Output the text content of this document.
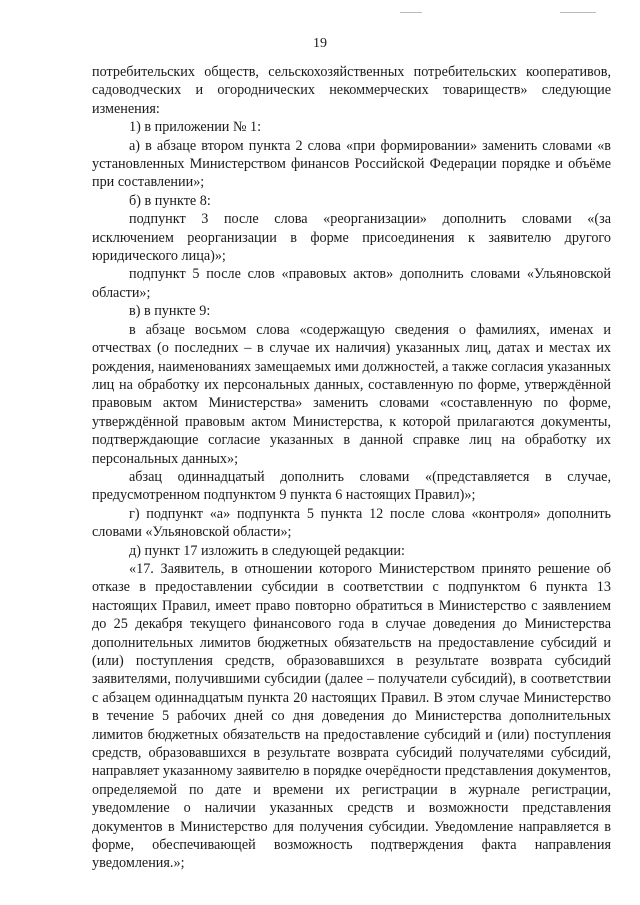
19

потребительских обществ, сельскохозяйственных потребительских кооперативов, садоводческих и огороднических некоммерческих товариществ» следующие изменения:

1) в приложении № 1:

а) в абзаце втором пункта 2 слова «при формировании» заменить словами «в установленных Министерством финансов Российской Федерации порядке и объёме при составлении»;

б) в пункте 8:

подпункт 3 после слова «реорганизации» дополнить словами «(за исключением реорганизации в форме присоединения к заявителю другого юридического лица)»;

подпункт 5 после слов «правовых актов» дополнить словами «Ульяновской области»;

в) в пункте 9:

в абзаце восьмом слова «содержащую сведения о фамилиях, именах и отчествах (о последних – в случае их наличия) указанных лиц, датах и местах их рождения, наименованиях замещаемых ими должностей, а также согласия указанных лиц на обработку их персональных данных, составленную по форме, утверждённой правовым актом Министерства» заменить словами «составленную по форме, утверждённой правовым актом Министерства, к которой прилагаются документы, подтверждающие согласие указанных в данной справке лиц на обработку их персональных данных»;

абзац одиннадцатый дополнить словами «(представляется в случае, предусмотренном подпунктом 9 пункта 6 настоящих Правил)»;

г) подпункт «а» подпункта 5 пункта 12 после слова «контроля» дополнить словами «Ульяновской области»;

д) пункт 17 изложить в следующей редакции:

«17. Заявитель, в отношении которого Министерством принято решение об отказе в предоставлении субсидии в соответствии с подпунктом 6 пункта 13 настоящих Правил, имеет право повторно обратиться в Министерство с заявлением до 25 декабря текущего финансового года в случае доведения до Министерства дополнительных лимитов бюджетных обязательств на предоставление субсидий и (или) поступления средств, образовавшихся в результате возврата субсидий заявителями, получившими субсидии (далее – получатели субсидий), в соответствии с абзацем одиннадцатым пункта 20 настоящих Правил. В этом случае Министерство в течение 5 рабочих дней со дня доведения до Министерства дополнительных лимитов бюджетных обязательств на предоставление субсидий и (или) поступления средств, образовавшихся в результате возврата субсидий получателями субсидий, направляет указанному заявителю в порядке очерёдности представления документов, определяемой по дате и времени их регистрации в журнале регистрации, уведомление о наличии указанных средств и возможности представления документов в Министерство для получения субсидии. Уведомление направляется в форме, обеспечивающей возможность подтверждения факта направления уведомления.»;
